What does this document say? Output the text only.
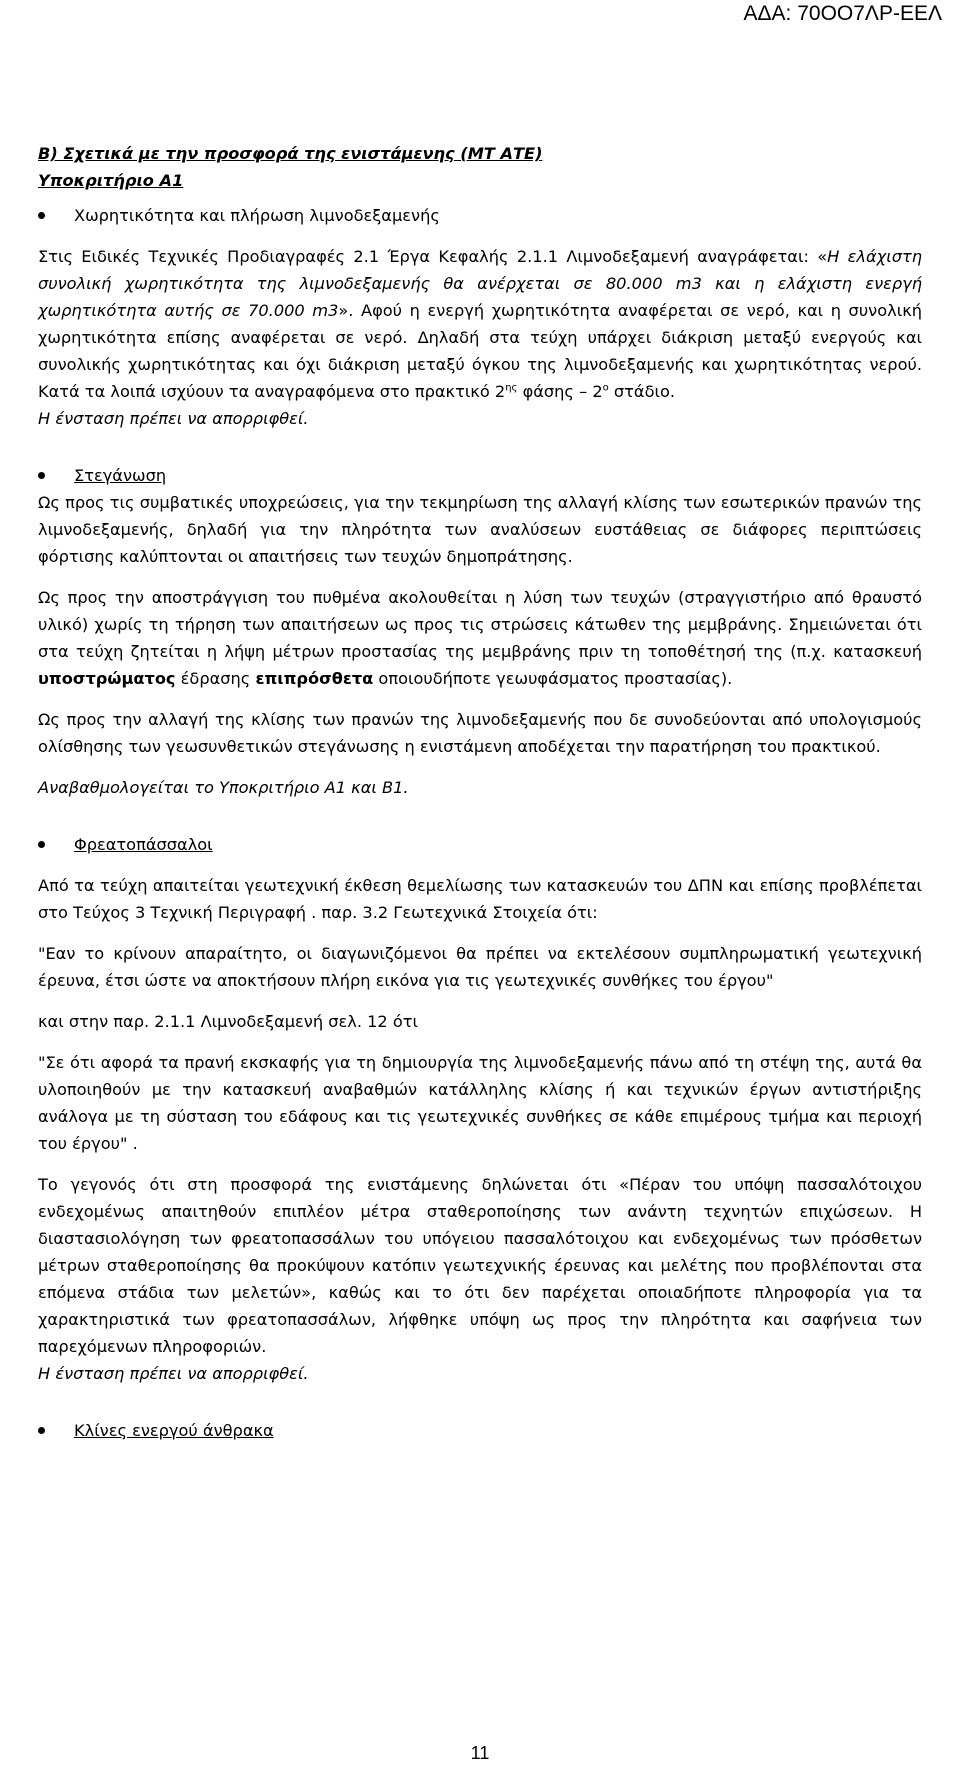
ΑΔΑ: 70ΟΟ7ΛΡ-ΕΕΛ

Β) Σχετικά με την προσφορά της ενιστάμενης (ΜΤ ΑΤΕ)

Υποκριτήριο Α1

Χωρητικότητα και πλήρωση λιμνοδεξαμενής

Στις Ειδικές Τεχνικές Προδιαγραφές 2.1 Έργα Κεφαλής 2.1.1 Λιμνοδεξαμενή αναγράφεται: «Η ελάχιστη συνολική χωρητικότητα της λιμνοδεξαμενής θα ανέρχεται σε 80.000 m3 και η ελάχιστη ενεργή χωρητικότητα αυτής σε 70.000 m3». Αφού η ενεργή χωρητικότητα αναφέρεται σε νερό, και η συνολική χωρητικότητα επίσης αναφέρεται σε νερό. Δηλαδή στα τεύχη υπάρχει διάκριση μεταξύ ενεργούς και συνολικής χωρητικότητας και όχι διάκριση μεταξύ όγκου της λιμνοδεξαμενής και χωρητικότητας νερού. Κατά τα λοιπά ισχύουν τα αναγραφόμενα στο πρακτικό $2^{\eta\varsigma}$ φάσης – $2^o$ στάδιο.

Η ένσταση πρέπει να απορριφθεί.

Στεγάνωση

Ως προς τις συμβατικές υποχρεώσεις, για την τεκμηρίωση της αλλαγή κλίσης των εσωτερικών πρανών της λιμνοδεξαμενής, δηλαδή για την πληρότητα των αναλύσεων ευστάθειας σε διάφορες περιπτώσεις φόρτισης καλύπτονται οι απαιτήσεις των τευχών δημοπράτησης.

Ως προς την αποστράγγιση του πυθμένα ακολουθείται η λύση των τευχών (στραγγιστήριο από θραυστό υλικό) χωρίς τη τήρηση των απαιτήσεων ως προς τις στρώσεις κάτωθεν της μεμβράνης. Σημειώνεται ότι στα τεύχη ζητείται η λήψη μέτρων προστασίας της μεμβράνης πριν τη τοποθέτησή της (π.χ. κατασκευή υποστρώματος έδρασης επιπρόσθετα οποιουδήποτε γεωυφάσματος προστασίας).

Ως προς την αλλαγή της κλίσης των πρανών της λιμνοδεξαμενής που δε συνοδεύονται από υπολογισμούς ολίσθησης των γεωσυνθετικών στεγάνωσης η ενιστάμενη αποδέχεται την παρατήρηση του πρακτικού.

Αναβαθμολογείται το Υποκριτήριο Α1 και Β1.

Φρεατοπάσσαλοι

Από τα τεύχη απαιτείται γεωτεχνική έκθεση θεμελίωσης των κατασκευών του ΔΠΝ και επίσης προβλέπεται στο Τεύχος 3 Τεχνική Περιγραφή . παρ. 3.2 Γεωτεχνικά Στοιχεία ότι:

"Εαν το κρίνουν απαραίτητο, οι διαγωνιζόμενοι θα πρέπει να εκτελέσουν συμπληρωματική γεωτεχνική έρευνα, έτσι ώστε να αποκτήσουν πλήρη εικόνα για τις γεωτεχνικές συνθήκες του έργου"

και στην παρ. 2.1.1 Λιμνοδεξαμενή σελ. 12 ότι

"Σε ότι αφορά τα πρανή εκσκαφής για τη δημιουργία της λιμνοδεξαμενής πάνω από τη στέψη της, αυτά θα υλοποιηθούν με την κατασκευή αναβαθμών κατάλληλης κλίσης ή και τεχνικών έργων αντιστήριξης ανάλογα με τη σύσταση του εδάφους και τις γεωτεχνικές συνθήκες σε κάθε επιμέρους τμήμα και περιοχή του έργου" .

Το γεγονός ότι στη προσφορά της ενιστάμενης δηλώνεται ότι «Πέραν του υπόψη πασσαλότοιχου ενδεχομένως απαιτηθούν επιπλέον μέτρα σταθεροποίησης των ανάντη τεχνητών επιχώσεων. Η διαστασιολόγηση των φρεατοπασσάλων του υπόγειου πασσαλότοιχου και ενδεχομένως των πρόσθετων μέτρων σταθεροποίησης θα προκύψουν κατόπιν γεωτεχνικής έρευνας και μελέτης που προβλέπονται στα επόμενα στάδια των μελετών», καθώς και το ότι δεν παρέχεται οποιαδήποτε πληροφορία για τα χαρακτηριστικά των φρεατοπασσάλων, λήφθηκε υπόψη ως προς την πληρότητα και σαφήνεια των παρεχόμενων πληροφοριών.

Η ένσταση πρέπει να απορριφθεί.

Κλίνες ενεργού άνθρακα
11
